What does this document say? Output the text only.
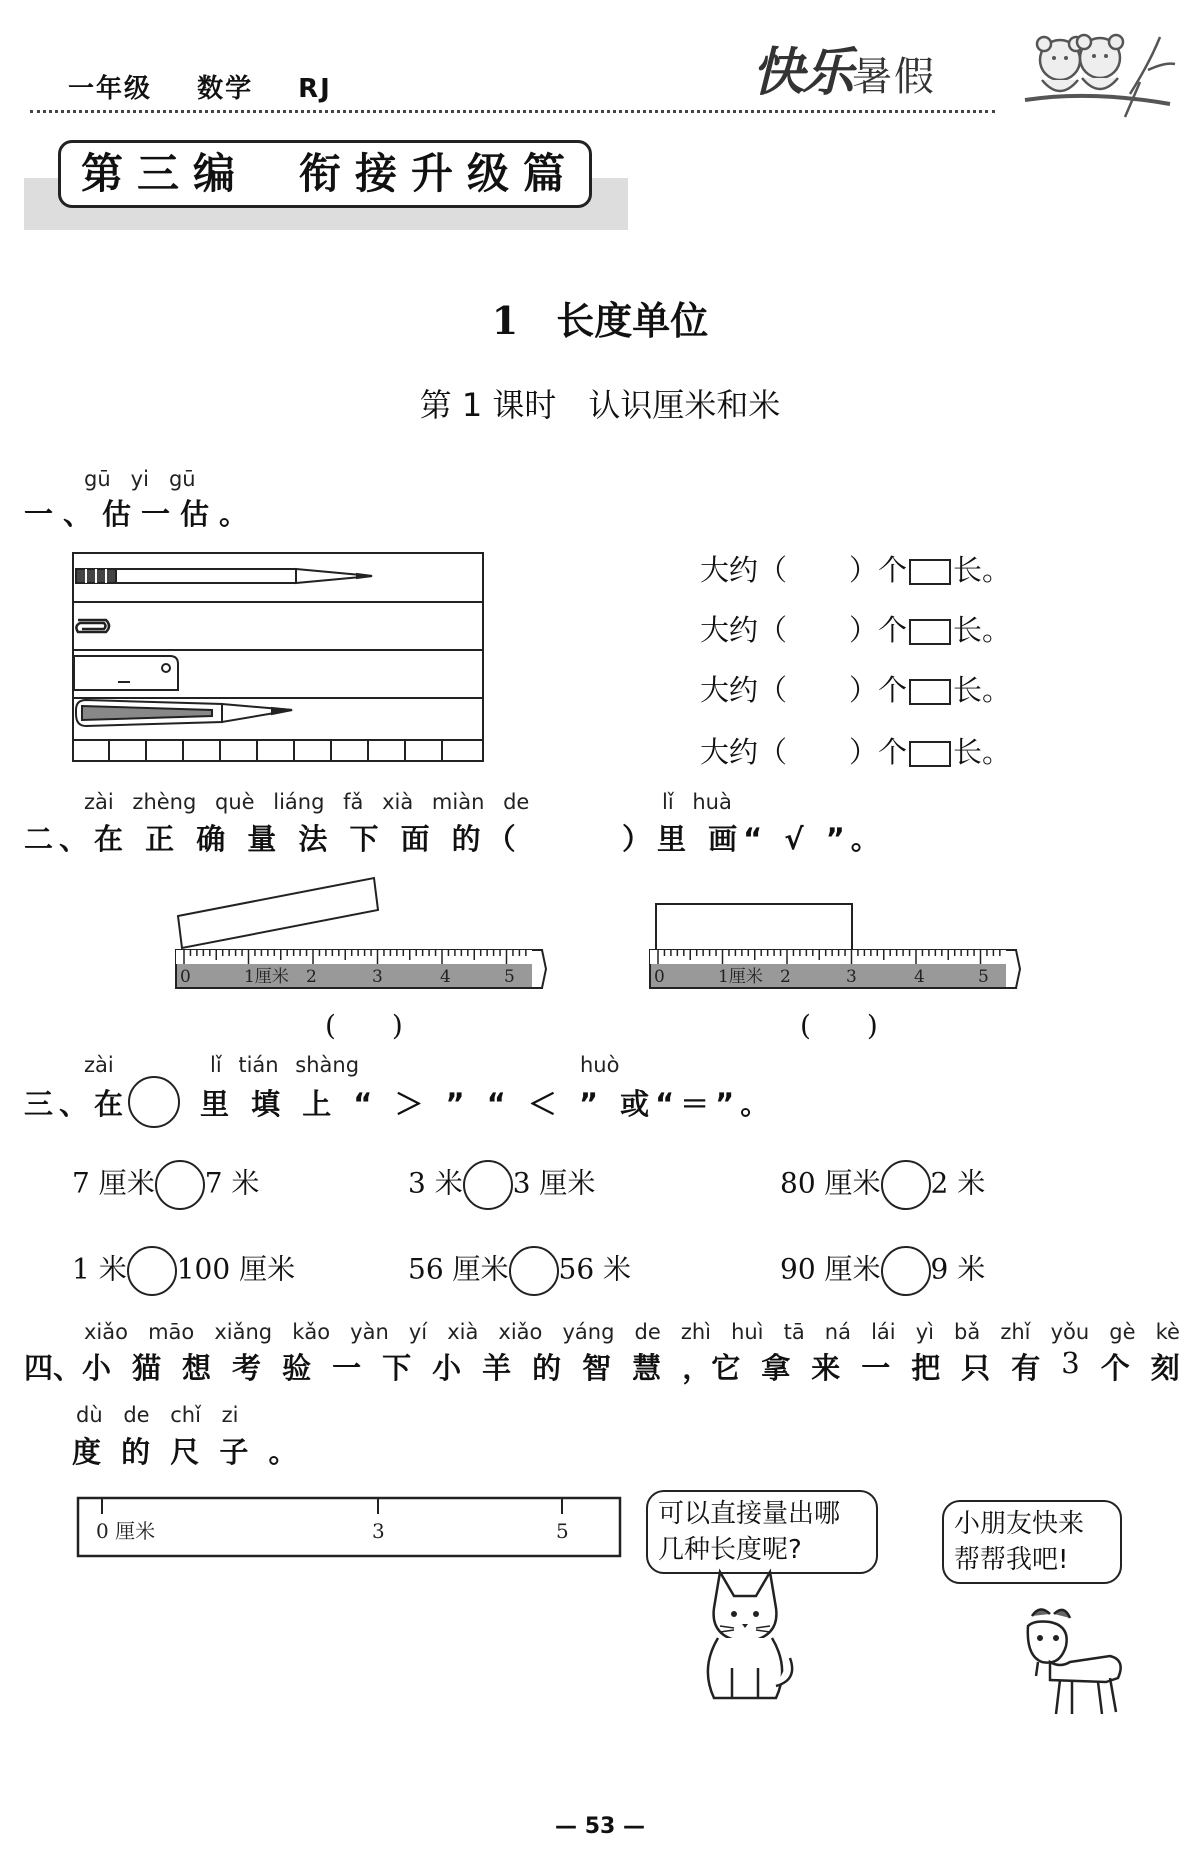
一年级 数学 RJ	快乐暑假
第三编 衔接升级篇
1　长度单位
第 1 课时　认识厘米和米
gū yi gū
一、估一估。
大约（ ）个 长。
大约（ ）个 长。
大约（ ）个 长。
大约（ ）个 长。
zài zhèng què liáng fǎ xià miàn de	lǐ huà
二、在 正 确 量 法 下 面 的（	）里 画“ √ ”。
0	1厘米 2	3	4	5
(　　)
0	1厘米 2	3	4	5
(　　)
zài	lǐ tián shàng	huò
三、在 里 填 上 “ ＞ ” “ ＜ ” 或“＝”。
7 厘米 7 米	3 米 3 厘米	80 厘米 2 米
1 米 100 厘米	56 厘米 56 米	90 厘米 9 米
xiǎo māo xiǎng kǎo yàn yí xià xiǎo yáng de zhì huì tā ná lái yì bǎ zhǐ yǒu gè kè
四、小 猫 想 考 验 一 下 小 羊 的 智 慧 ，它 拿 来 一 把 只 有 3 个 刻
dù de chǐ zi
度 的 尺 子 。
0 厘米	3	5
可以直接量出哪
几种长度呢?
小朋友快来
帮帮我吧!
— 53 —
